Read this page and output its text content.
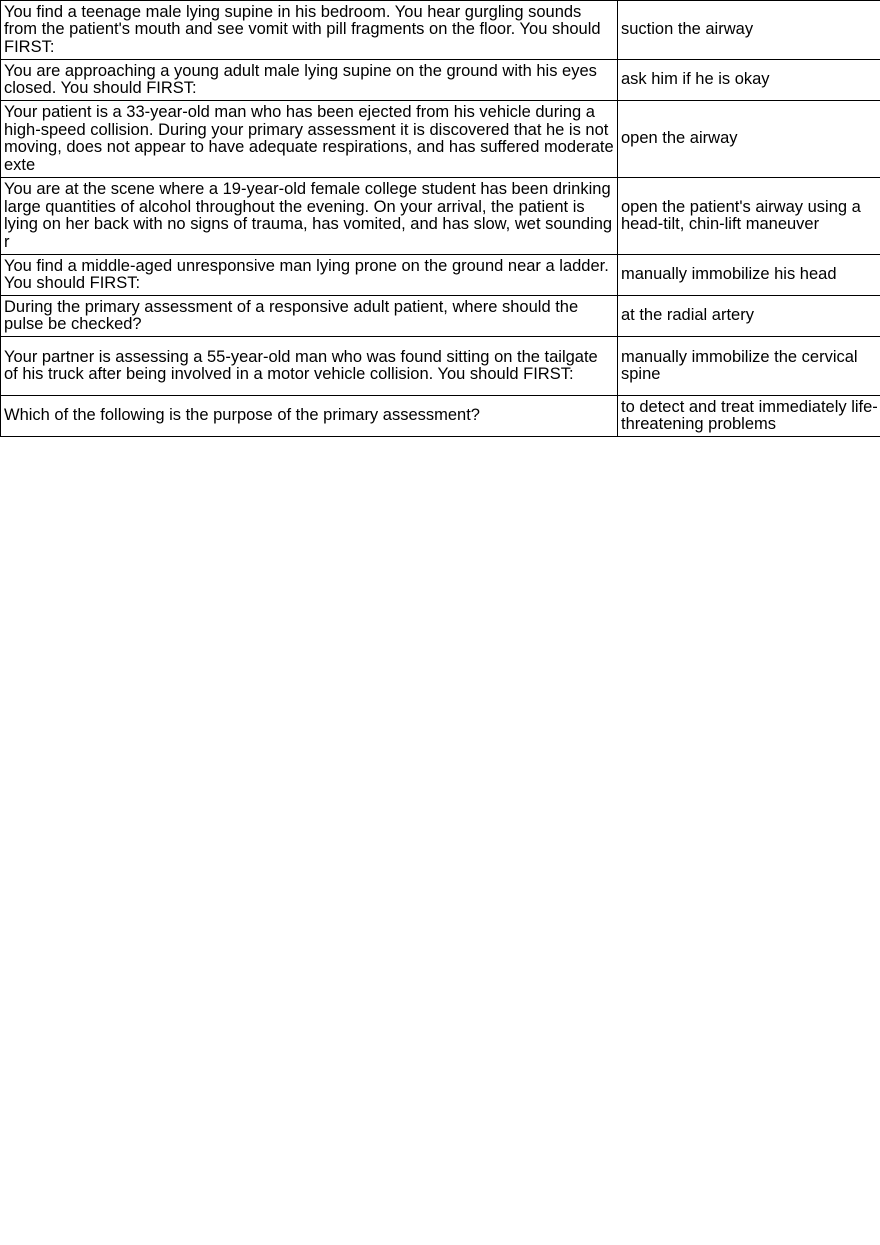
You find a teenage male lying supine in his bedroom. You hear gurgling sounds from the patient's mouth and see vomit with pill fragments on the floor. You should FIRST:	suction the airway
You are approaching a young adult male lying supine on the ground with his eyes closed. You should FIRST:	ask him if he is okay
Your patient is a 33-year-old man who has been ejected from his vehicle during a high-speed collision. During your primary assessment it is discovered that he is not moving, does not appear to have adequate respirations, and has suffered moderate exte	open the airway
You are at the scene where a 19-year-old female college student has been drinking large quantities of alcohol throughout the evening. On your arrival, the patient is lying on her back with no signs of trauma, has vomited, and has slow, wet sounding r	open the patient's airway using a head-tilt, chin-lift maneuver
You find a middle-aged unresponsive man lying prone on the ground near a ladder. You should FIRST:	manually immobilize his head
During the primary assessment of a responsive adult patient, where should the pulse be checked?	at the radial artery
Your partner is assessing a 55-year-old man who was found sitting on the tailgate of his truck after being involved in a motor vehicle collision. You should FIRST:	manually immobilize the cervical spine
Which of the following is the purpose of the primary assessment?	to detect and treat immediately life-threatening problems
